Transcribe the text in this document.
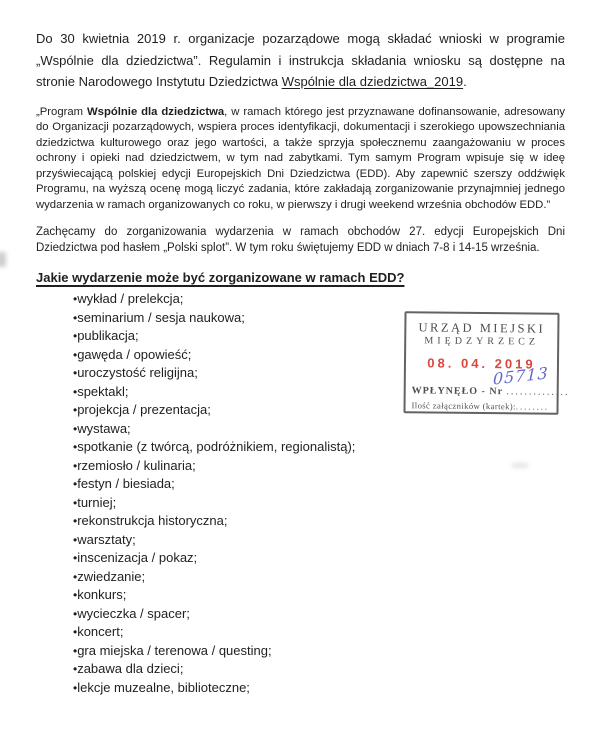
Do 30 kwietnia 2019 r. organizacje pozarządowe mogą składać wnioski w programie „Wspólnie dla dziedzictwa”. Regulamin i instrukcja składania wniosku są dostępne na stronie Narodowego Instytutu Dziedzictwa Wspólnie dla dziedzictwa_2019.

„Program Wspólnie dla dziedzictwa, w ramach którego jest przyznawane dofinansowanie, adresowany do Organizacji pozarządowych, wspiera proces identyfikacji, dokumentacji i szerokiego upowszechniania dziedzictwa kulturowego oraz jego wartości, a także sprzyja społecznemu zaangażowaniu w proces ochrony i opieki nad dziedzictwem, w tym nad zabytkami. Tym samym Program wpisuje się w ideę przyświecającą polskiej edycji Europejskich Dni Dziedzictwa (EDD). Aby zapewnić szerszy oddźwięk Programu, na wyższą ocenę mogą liczyć zadania, które zakładają zorganizowanie przynajmniej jednego wydarzenia w ramach organizowanych co roku, w pierwszy i drugi weekend września obchodów EDD.”

Zachęcamy do zorganizowania wydarzenia w ramach obchodów 27. edycji Europejskich Dni Dziedzictwa pod hasłem „Polski splot”. W tym roku świętujemy EDD w dniach 7-8 i 14-15 września.

Jakie wydarzenie może być zorganizowane w ramach EDD?
• wykład / prelekcja;
• seminarium / sesja naukowa;
• publikacja;
• gawęda / opowieść;
• uroczystość religijna;
• spektakl;
• projekcja / prezentacja;
• wystawa;
• spotkanie (z twórcą, podróżnikiem, regionalistą);
• rzemiosło / kulinaria;
• festyn / biesiada;
• turniej;
• rekonstrukcja historyczna;
• warsztaty;
• inscenizacja / pokaz;
• zwiedzanie;
• konkurs;
• wycieczka / spacer;
• koncert;
• gra miejska / terenowa / questing;
• zabawa dla dzieci;
• lekcje muzealne, biblioteczne;
URZĄD MIEJSKI
MIĘDZYRZECZ
08. 04. 2019
05713
WPŁYNĘŁO - Nr ..............
Ilość załączników (kartek):........
